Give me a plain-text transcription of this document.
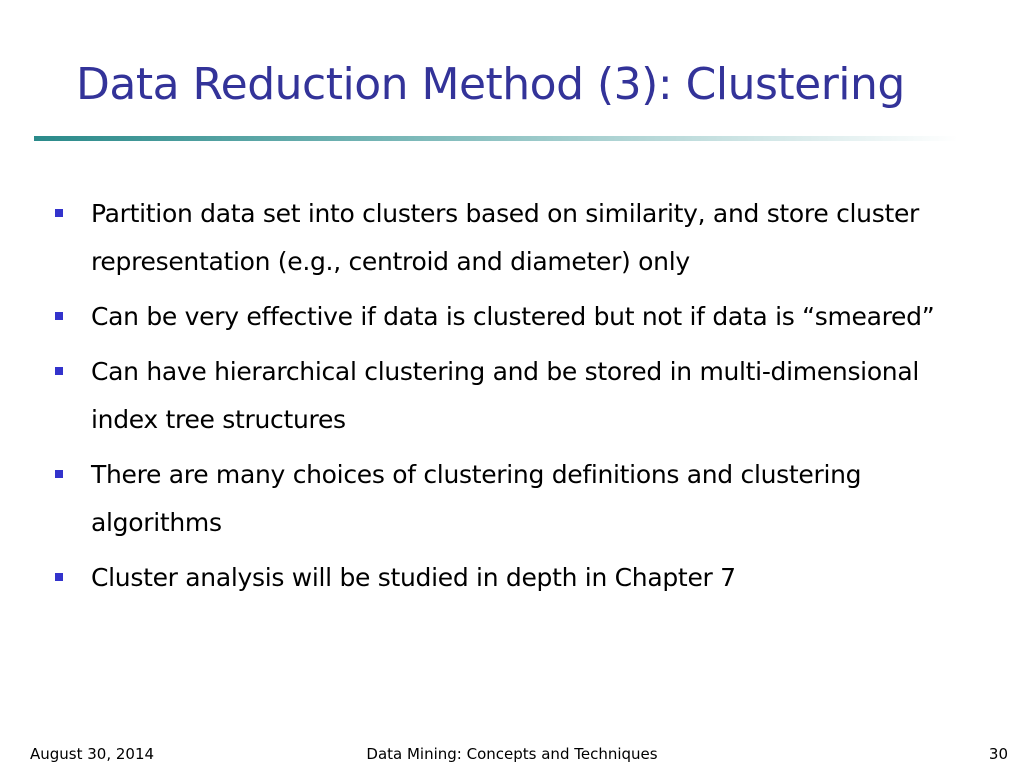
Data Reduction Method (3): Clustering
Partition data set into clusters based on similarity, and store cluster representation (e.g., centroid and diameter) only
Can be very effective if data is clustered but not if data is “smeared”
Can have hierarchical clustering and be stored in multi-dimensional index tree structures
There are many choices of clustering definitions and clustering algorithms
Cluster analysis will be studied in depth in Chapter 7
August 30, 2014	Data Mining: Concepts and Techniques	30
